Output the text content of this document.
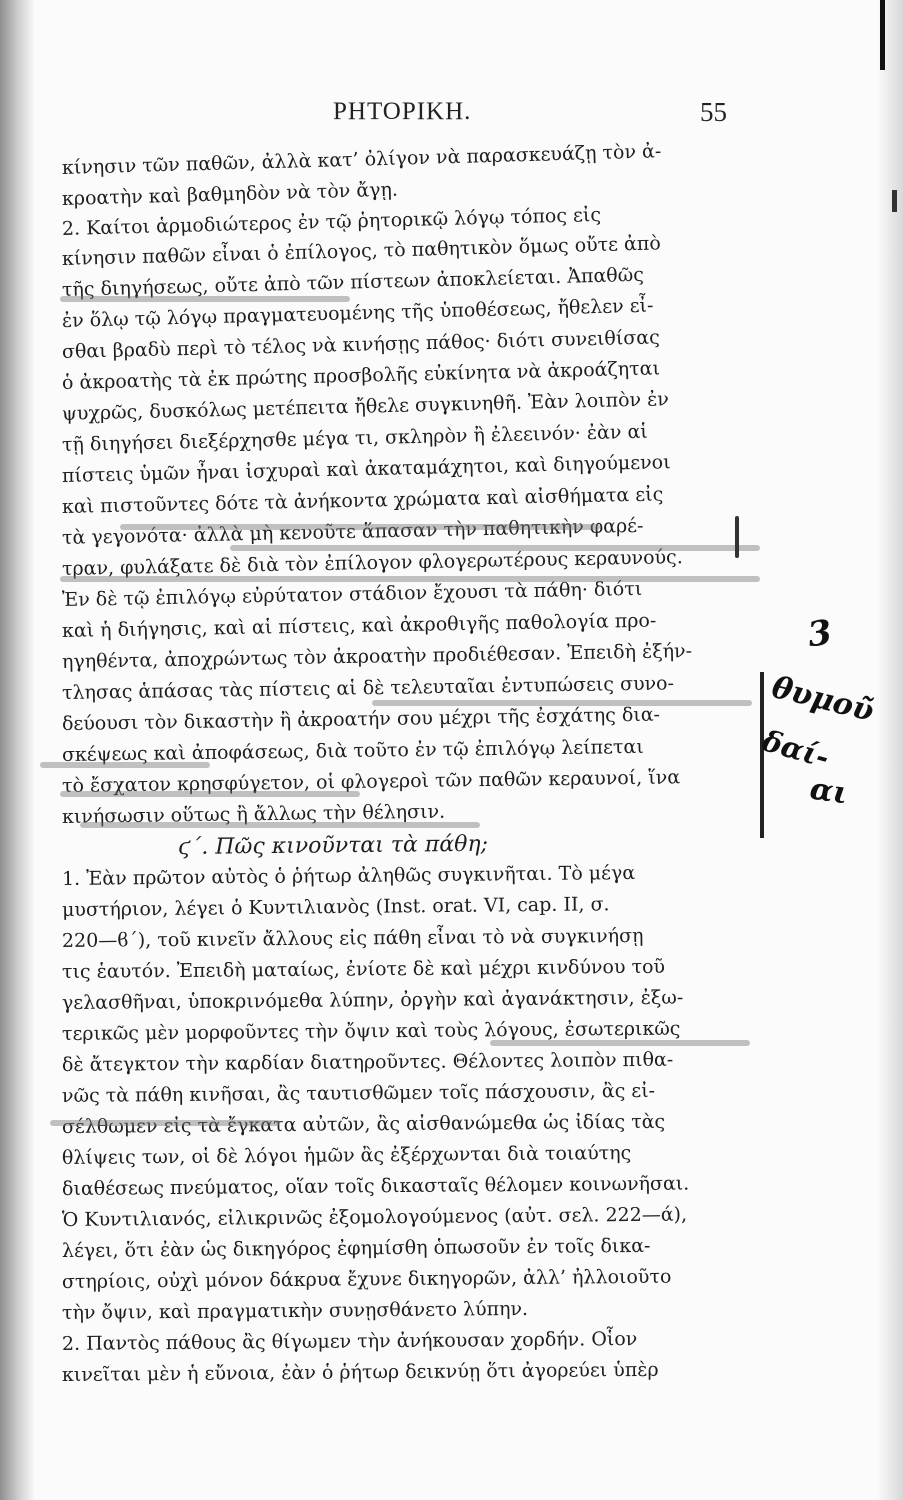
ΡΗΤΟΡΙΚΗ.	55
κίνησιν τῶν παθῶν, ἀλλὰ κατ’ ὀλίγον νὰ παρασκευάζῃ τὸν ἀ-
κροατὴν καὶ βαθμηδὸν νὰ τὸν ἄγῃ.
2. Καίτοι ἁρμοδιώτερος ἐν τῷ ῥητορικῷ λόγῳ τόπος εἰς
κίνησιν παθῶν εἶναι ὁ ἐπίλογος, τὸ παθητικὸν ὅμως οὔτε ἀπὸ
τῆς διηγήσεως, οὔτε ἀπὸ τῶν πίστεων ἀποκλείεται. Ἀπαθῶς
ἐν ὅλῳ τῷ λόγῳ πραγματευομένης τῆς ὑποθέσεως, ἤθελεν εἶ-
σθαι βραδὺ περὶ τὸ τέλος νὰ κινήσῃς πάθος· διότι συνειθίσας
ὁ ἀκροατὴς τὰ ἐκ πρώτης προσβολῆς εὐκίνητα νὰ ἀκροάζηται
ψυχρῶς, δυσκόλως μετέπειτα ἤθελε συγκινηθῆ. Ἐὰν λοιπὸν ἐν
τῇ διηγήσει διεξέρχησθε μέγα τι, σκληρὸν ἢ ἐλεεινόν· ἐὰν αἱ
πίστεις ὑμῶν ἦναι ἰσχυραὶ καὶ ἀκαταμάχητοι, καὶ διηγούμενοι
καὶ πιστοῦντες δότε τὰ ἀνήκοντα χρώματα καὶ αἰσθήματα εἰς
τὰ γεγονότα· ἀλλὰ μὴ κενοῦτε ἅπασαν τὴν παθητικὴν φαρέ-
τραν, φυλάξατε δὲ διὰ τὸν ἐπίλογον φλογερωτέρους κεραυνούς.
Ἐν δὲ τῷ ἐπιλόγῳ εὐρύτατον στάδιον ἔχουσι τὰ πάθη· διότι
καὶ ἡ διήγησις, καὶ αἱ πίστεις, καὶ ἀκροθιγῆς παθολογία προ-
ηγηθέντα, ἀποχρώντως τὸν ἀκροατὴν προδιέθεσαν. Ἐπειδὴ ἐξήν-
τλησας ἁπάσας τὰς πίστεις αἱ δὲ τελευταῖαι ἐντυπώσεις συνο-
δεύουσι τὸν δικαστὴν ἢ ἀκροατήν σου μέχρι τῆς ἐσχάτης δια-
σκέψεως καὶ ἀποφάσεως, διὰ τοῦτο ἐν τῷ ἐπιλόγῳ λείπεται
τὸ ἔσχατον κρησφύγετον, οἱ φλογεροὶ τῶν παθῶν κεραυνοί, ἵνα
κινήσωσιν οὕτως ἢ ἄλλως τὴν θέλησιν.
ϛ΄. Πῶς κινοῦνται τὰ πάθη;
1. Ἐὰν πρῶτον αὐτὸς ὁ ῥήτωρ ἀληθῶς συγκινῆται. Τὸ μέγα
μυστήριον, λέγει ὁ Κυντιλιανὸς (Inst. orat. VI, cap. II, σ.
220—ϐ΄), τοῦ κινεῖν ἄλλους εἰς πάθη εἶναι τὸ νὰ συγκινήσῃ
τις ἑαυτόν. Ἐπειδὴ ματαίως, ἐνίοτε δὲ καὶ μέχρι κινδύνου τοῦ
γελασθῆναι, ὑποκρινόμεθα λύπην, ὀργὴν καὶ ἀγανάκτησιν, ἐξω-
τερικῶς μὲν μορφοῦντες τὴν ὄψιν καὶ τοὺς λόγους, ἐσωτερικῶς
δὲ ἄτεγκτον τὴν καρδίαν διατηροῦντες. Θέλοντες λοιπὸν πιθα-
νῶς τὰ πάθη κινῆσαι, ἂς ταυτισθῶμεν τοῖς πάσχουσιν, ἂς εἰ-
σέλθωμεν εἰς τὰ ἔγκατα αὐτῶν, ἂς αἰσθανώμεθα ὡς ἰδίας τὰς
θλίψεις των, οἱ δὲ λόγοι ἡμῶν ἂς ἐξέρχωνται διὰ τοιαύτης
διαθέσεως πνεύματος, οἵαν τοῖς δικασταῖς θέλομεν κοινωνῆσαι.
Ὁ Κυντιλιανός, εἰλικρινῶς ἐξομολογούμενος (αὐτ. σελ. 222—ά),
λέγει, ὅτι ἐὰν ὡς δικηγόρος ἐφημίσθη ὁπωσοῦν ἐν τοῖς δικα-
στηρίοις, οὐχὶ μόνον δάκρυα ἔχυνε δικηγορῶν, ἀλλ’ ἠλλοιοῦτο
τὴν ὄψιν, καὶ πραγματικὴν συνῃσθάνετο λύπην.
2. Παντὸς πάθους ἂς θίγωμεν τὴν ἀνήκουσαν χορδήν. Οἷον
κινεῖται μὲν ἡ εὔνοια, ἐὰν ὁ ῥήτωρ δεικνύῃ ὅτι ἀγορεύει ὑπὲρ
3
θυμοῦ
δαί-
αι
